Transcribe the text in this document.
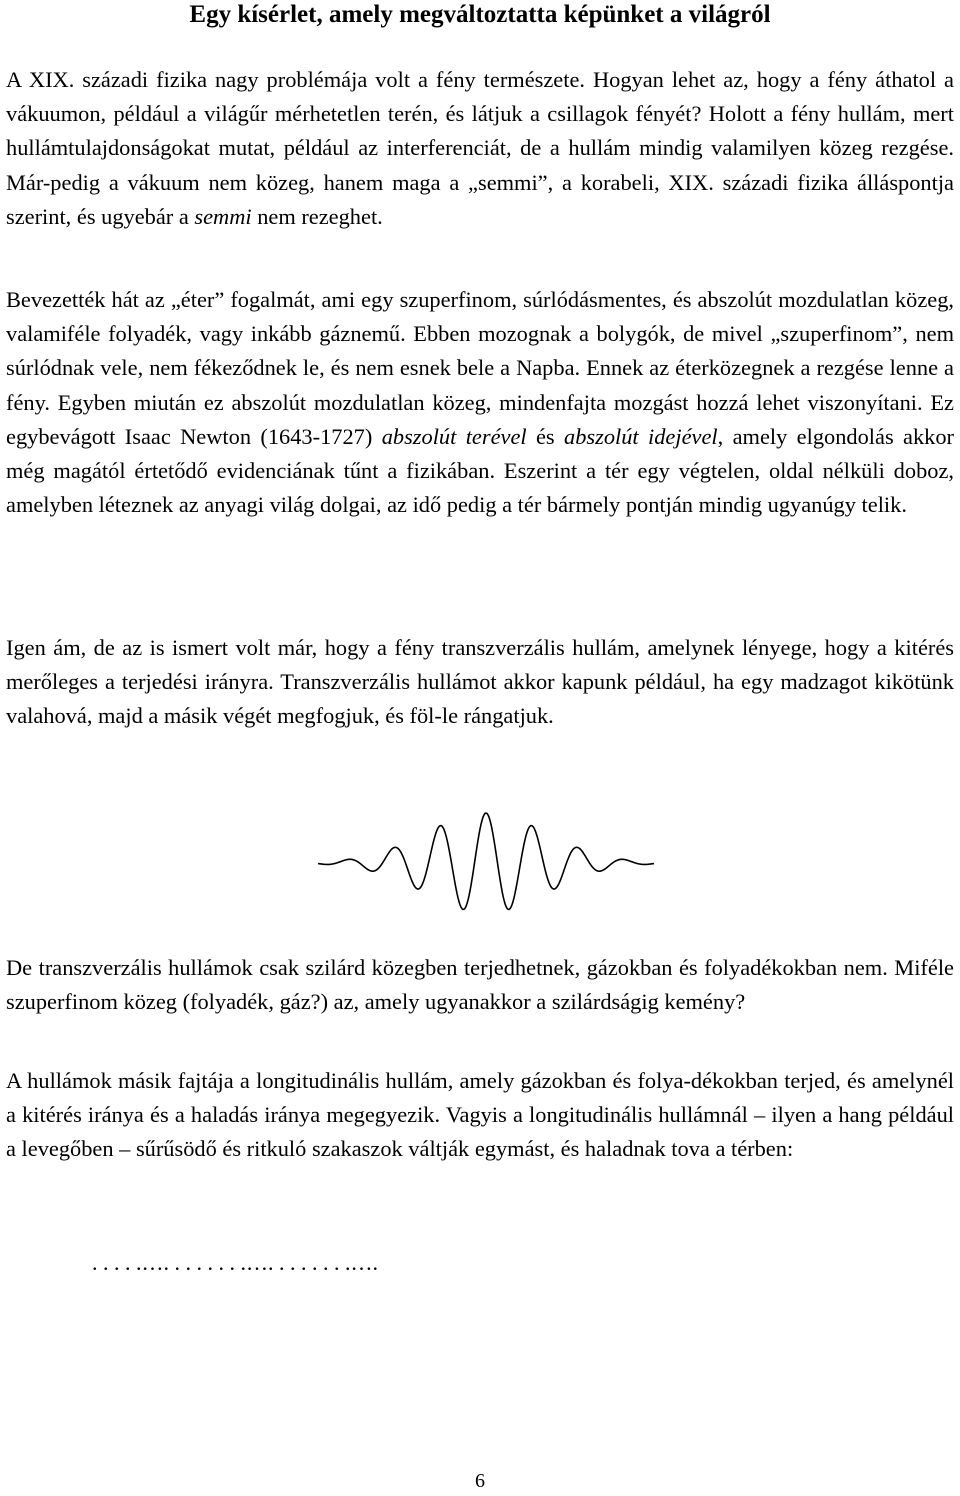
Egy kísérlet, amely megváltoztatta képünket a világról

A XIX. századi fizika nagy problémája volt a fény természete. Hogyan lehet az, hogy a fény áthatol a vákuumon, például a világűr mérhetetlen terén, és látjuk a csillagok fényét? Holott a fény hullám, mert hullámtulajdonságokat mutat, például az interferenciát, de a hullám mindig valamilyen közeg rezgése. Már-pedig a vákuum nem közeg, hanem maga a „semmi”, a korabeli, XIX. századi fizika álláspontja szerint, és ugyebár a semmi nem rezeghet.

Bevezették hát az „éter” fogalmát, ami egy szuperfinom, súrlódásmentes, és abszolút mozdulatlan közeg, valamiféle folyadék, vagy inkább gáznemű. Ebben mozognak a bolygók, de mivel „szuperfinom”, nem súrlódnak vele, nem fékeződnek le, és nem esnek bele a Napba. Ennek az éterközegnek a rezgése lenne a fény. Egyben miután ez abszolút mozdulatlan közeg, mindenfajta mozgást hozzá lehet viszonyítani. Ez egybevágott Isaac Newton (1643-1727) abszolút terével és abszolút idejével, amely elgondolás akkor még magától értetődő evidenciának tűnt a fizikában. Eszerint a tér egy végtelen, oldal nélküli doboz, amelyben léteznek az anyagi világ dolgai, az idő pedig a tér bármely pontján mindig ugyanúgy telik.

Igen ám, de az is ismert volt már, hogy a fény transzverzális hullám, amelynek lényege, hogy a kitérés merőleges a terjedési irányra. Transzverzális hullámot akkor kapunk például, ha egy madzagot kikötünk valahová, majd a másik végét megfogjuk, és föl-le rángatjuk.

De transzverzális hullámok csak szilárd közegben terjedhetnek, gázokban és folyadékokban nem. Miféle szuperfinom közeg (folyadék, gáz?) az, amely ugyanakkor a szilárdságig kemény?

A hullámok másik fajtája a longitudinális hullám, amely gázokban és folya-dékokban terjed, és amelynél a kitérés iránya és a haladás iránya megegyezik. Vagyis a longitudinális hullámnál – ilyen a hang például a levegőben – sűrűsödő és ritkuló szakaszok váltják egymást, és haladnak tova a térben:

. . . . .…. . . . . . . .…. . . . . . . .….
6
